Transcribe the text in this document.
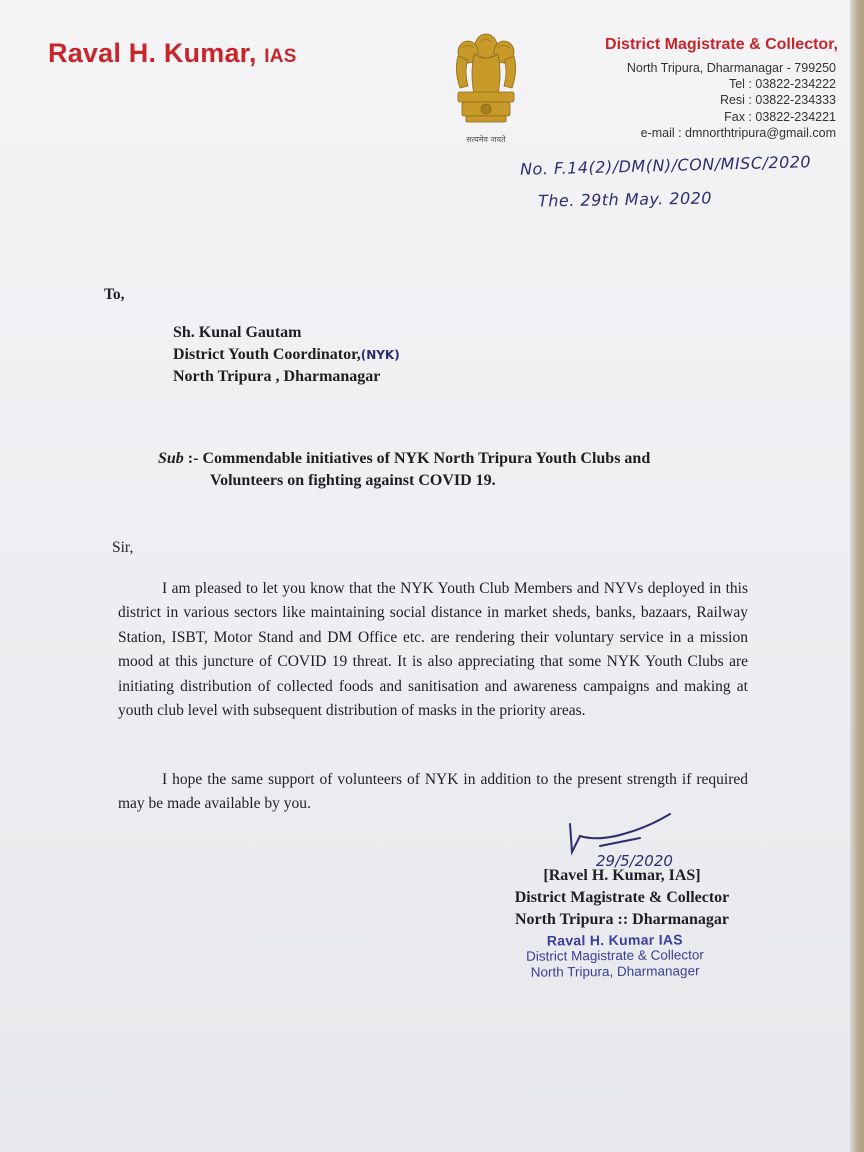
Raval H. Kumar, IAS
सत्यमेव जयते
District Magistrate & Collector,
North Tripura, Dharmanagar - 799250
Tel : 03822-234222
Resi : 03822-234333
Fax : 03822-234221
e-mail : dmnorthtripura@gmail.com
No. F.14(2)/DM(N)/CON/MISC/2020
The. 29th May. 2020
To,
Sh. Kunal Gautam
District Youth Coordinator,(NYK)
North Tripura , Dharmanagar
Sub :- Commendable initiatives of NYK North Tripura Youth Clubs and
Volunteers on fighting against COVID 19.
Sir,
I am pleased to let you know that the NYK Youth Club Members and NYVs deployed in this district in various sectors like maintaining social distance in market sheds, banks, bazaars, Railway Station, ISBT, Motor Stand and DM Office etc. are rendering their voluntary service in a mission mood at this juncture of COVID 19 threat. It is also appreciating that some NYK Youth Clubs are initiating distribution of collected foods and sanitisation and awareness campaigns and making at youth club level with subsequent distribution of masks in the priority areas.
I hope the same support of volunteers of NYK in addition to the present strength if required may be made available by you.
29/5/2020
[Ravel H. Kumar, IAS]
District Magistrate & Collector
North Tripura :: Dharmanagar
Raval H. Kumar IAS
District Magistrate & Collector
North Tripura, Dharmanager
